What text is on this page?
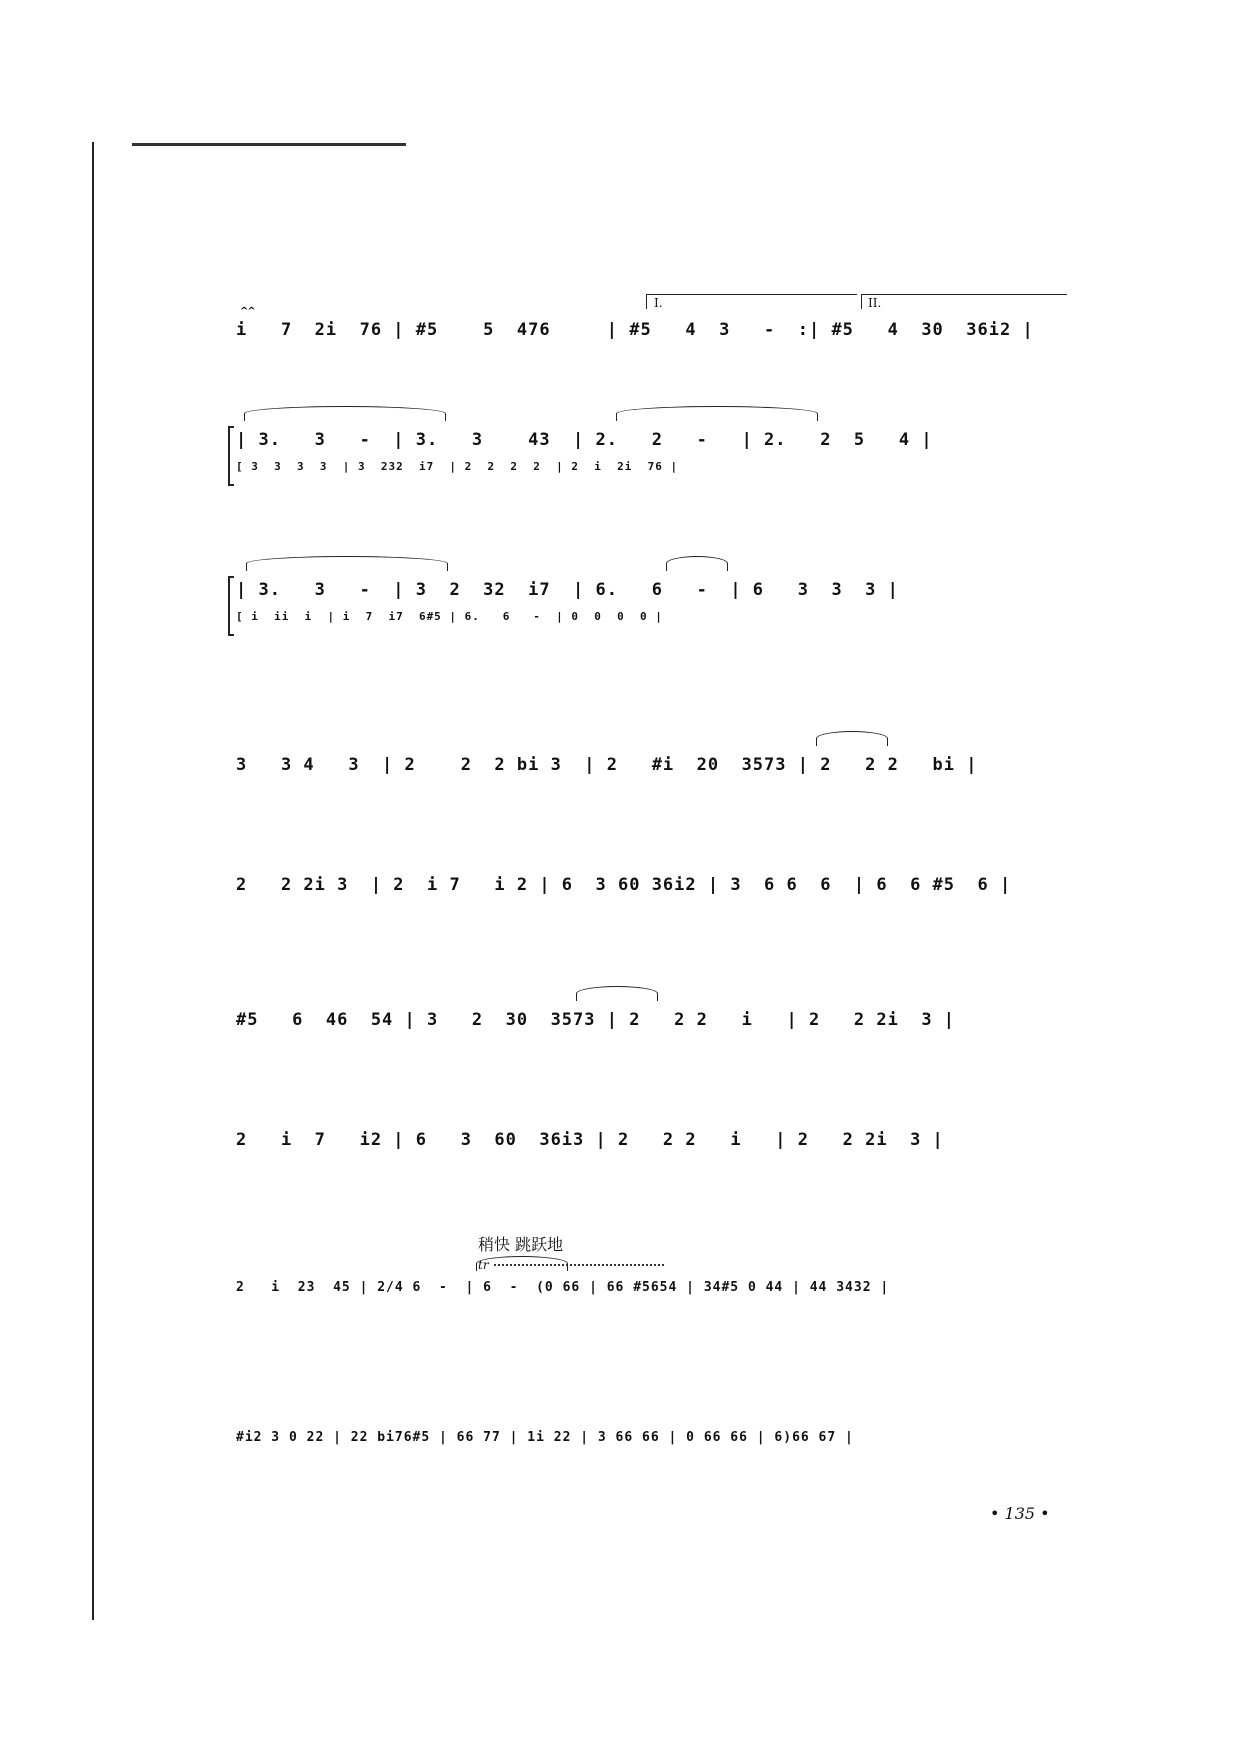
^^
I.	II.
i   7  2i  76 | #5    5  476     | #5   4  3   -  :| #5   4  30  36i2 |
| 3.   3   -  | 3.   3    43  | 2.   2   -   | 2.   2  5   4 |
[ 3  3  3  3  | 3  232  i7  | 2  2  2  2  | 2  i  2i  76 |
| 3.   3   -  | 3  2  32  i7  | 6.   6   -  | 6   3  3  3 |
[ i  ii  i  | i  7  i7  6#5 | 6.   6   -  | 0  0  0  0 |
3   3 4   3  | 2    2  2 bi 3  | 2   #i  20  3573 | 2   2 2   bi |
2   2 2i 3  | 2  i 7   i 2 | 6  3 60 36i2 | 3  6 6  6  | 6  6 #5  6 |
#5   6  46  54 | 3   2  30  3573 | 2   2 2   i   | 2   2 2i  3 |
2   i  7   i2 | 6   3  60  36i3 | 2   2 2   i   | 2   2 2i  3 |
稍快 跳跃地
tr
2   i  23  45 | 2/4 6  -  | 6  -  (0 66 | 66 #5654 | 34#5 0 44 | 44 3432 |
#i2 3 0 22 | 22 bi76#5 | 66 77 | 1i 22 | 3 66 66 | 0 66 66 | 6)66 67 |
• 135 •
